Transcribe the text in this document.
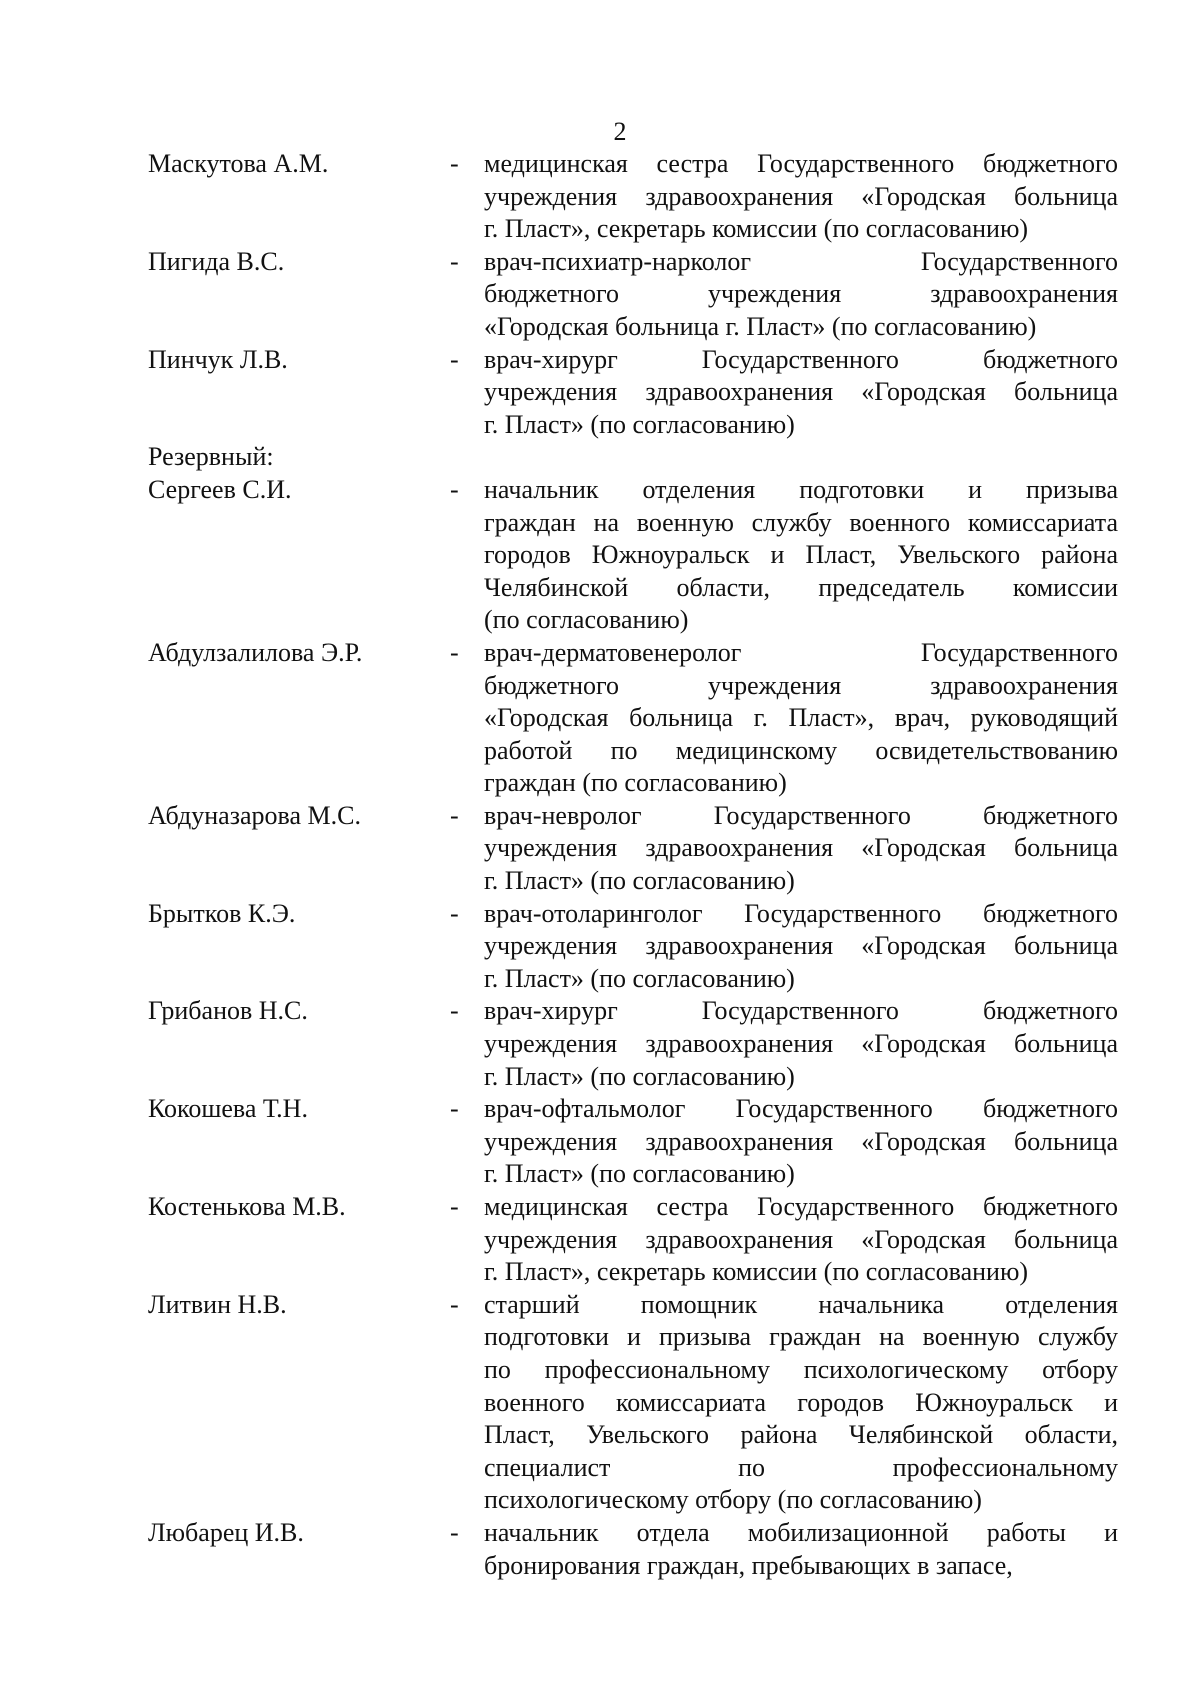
2
Маскутова А.М.	- медицинская сестра Государственного бюджетного
учреждения здравоохранения «Городская больница
г. Пласт», секретарь комиссии (по согласованию)
Пигида В.С.	- врач-психиатр-нарколог Государственного
бюджетного учреждения здравоохранения
«Городская больница г. Пласт» (по согласованию)
Пинчук Л.В.	- врач-хирург Государственного бюджетного
учреждения здравоохранения «Городская больница
г. Пласт» (по согласованию)
Резервный:
Сергеев С.И.	- начальник отделения подготовки и призыва
граждан на военную службу военного комиссариата
городов Южноуральск и Пласт, Увельского района
Челябинской области, председатель комиссии
(по согласованию)
Абдулзалилова Э.Р.	- врач-дерматовенеролог Государственного
бюджетного учреждения здравоохранения
«Городская больница г. Пласт», врач, руководящий
работой по медицинскому освидетельствованию
граждан (по согласованию)
Абдуназарова М.С.	- врач-невролог Государственного бюджетного
учреждения здравоохранения «Городская больница
г. Пласт» (по согласованию)
Брытков К.Э.	- врач-отоларинголог Государственного бюджетного
учреждения здравоохранения «Городская больница
г. Пласт» (по согласованию)
Грибанов Н.С.	- врач-хирург Государственного бюджетного
учреждения здравоохранения «Городская больница
г. Пласт» (по согласованию)
Кокошева Т.Н.	- врач-офтальмолог Государственного бюджетного
учреждения здравоохранения «Городская больница
г. Пласт» (по согласованию)
Костенькова М.В.	- медицинская сестра Государственного бюджетного
учреждения здравоохранения «Городская больница
г. Пласт», секретарь комиссии (по согласованию)
Литвин Н.В.	- старший помощник начальника отделения
подготовки и призыва граждан на военную службу
по профессиональному психологическому отбору
военного комиссариата городов Южноуральск и
Пласт, Увельского района Челябинской области,
специалист по профессиональному
психологическому отбору (по согласованию)
Любарец И.В.	- начальник отдела мобилизационной работы и
бронирования граждан, пребывающих в запасе,
